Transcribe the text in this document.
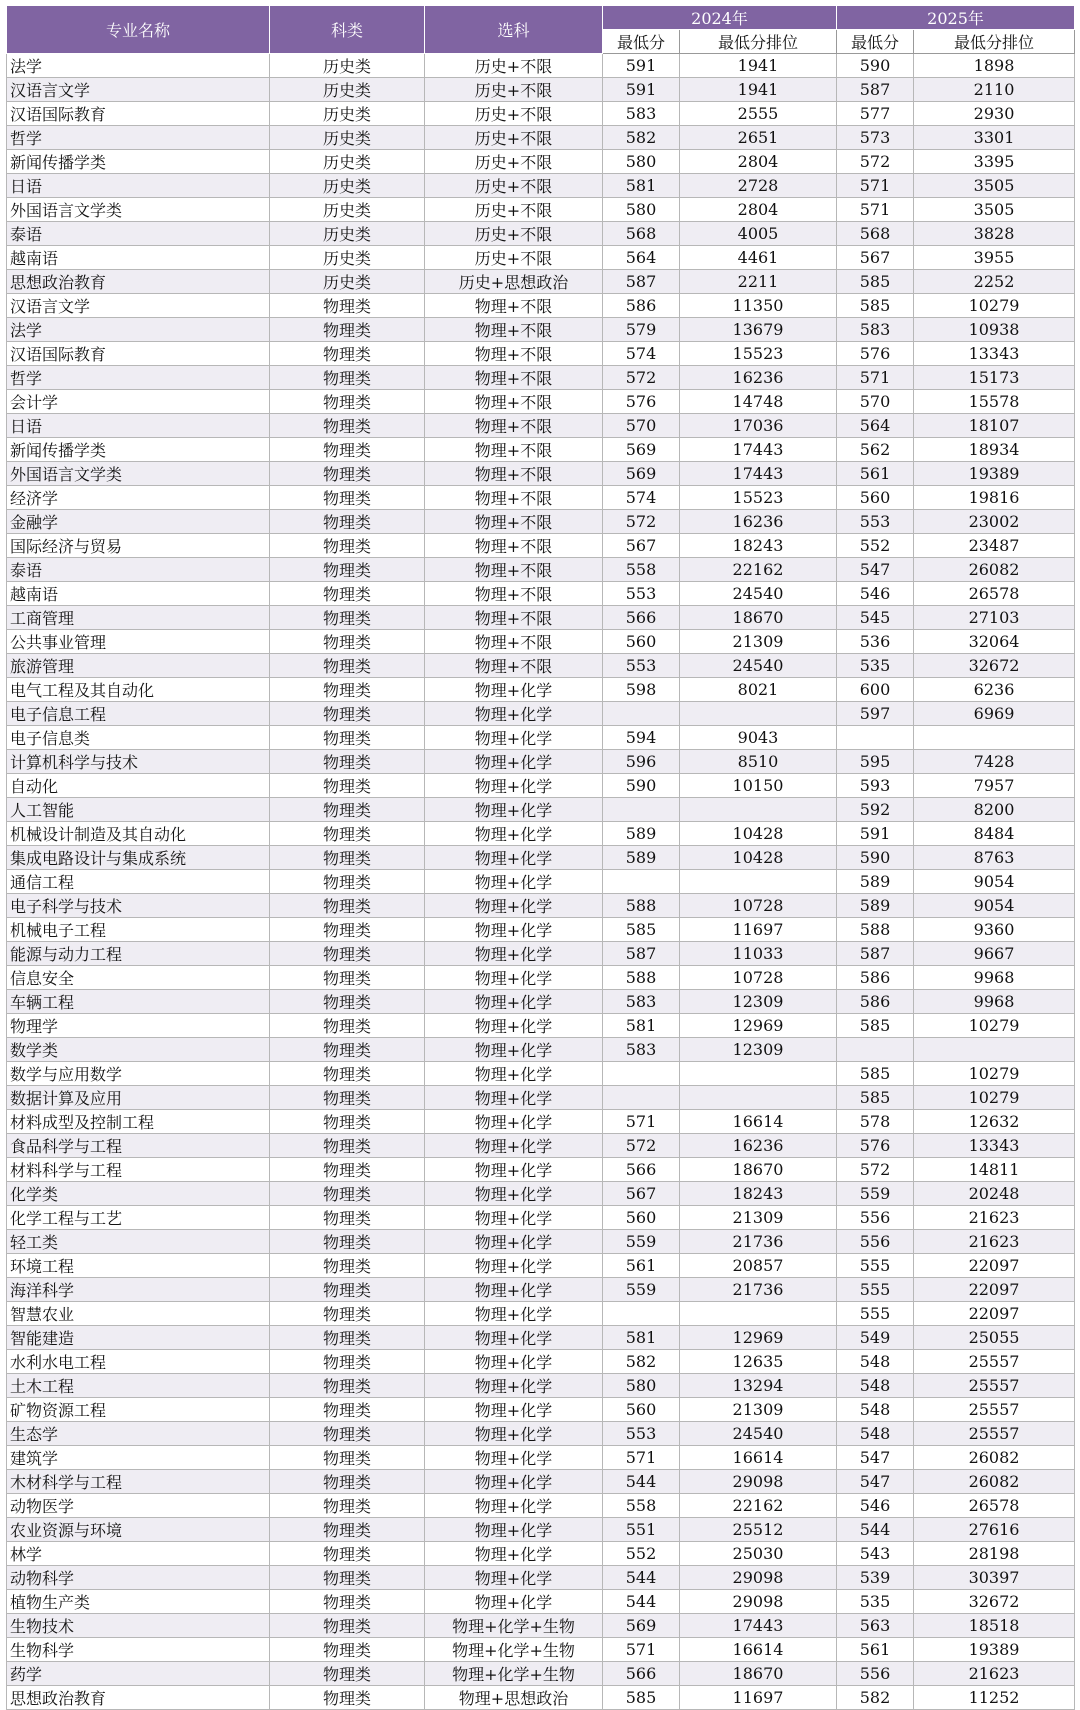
专业名称	科类	选科	2024年		2025年	
			最低分	最低分排位	最低分	最低分排位
法学	历史类	历史+不限	591	1941	590	1898
汉语言文学	历史类	历史+不限	591	1941	587	2110
汉语国际教育	历史类	历史+不限	583	2555	577	2930
哲学	历史类	历史+不限	582	2651	573	3301
新闻传播学类	历史类	历史+不限	580	2804	572	3395
日语	历史类	历史+不限	581	2728	571	3505
外国语言文学类	历史类	历史+不限	580	2804	571	3505
泰语	历史类	历史+不限	568	4005	568	3828
越南语	历史类	历史+不限	564	4461	567	3955
思想政治教育	历史类	历史+思想政治	587	2211	585	2252
汉语言文学	物理类	物理+不限	586	11350	585	10279
法学	物理类	物理+不限	579	13679	583	10938
汉语国际教育	物理类	物理+不限	574	15523	576	13343
哲学	物理类	物理+不限	572	16236	571	15173
会计学	物理类	物理+不限	576	14748	570	15578
日语	物理类	物理+不限	570	17036	564	18107
新闻传播学类	物理类	物理+不限	569	17443	562	18934
外国语言文学类	物理类	物理+不限	569	17443	561	19389
经济学	物理类	物理+不限	574	15523	560	19816
金融学	物理类	物理+不限	572	16236	553	23002
国际经济与贸易	物理类	物理+不限	567	18243	552	23487
泰语	物理类	物理+不限	558	22162	547	26082
越南语	物理类	物理+不限	553	24540	546	26578
工商管理	物理类	物理+不限	566	18670	545	27103
公共事业管理	物理类	物理+不限	560	21309	536	32064
旅游管理	物理类	物理+不限	553	24540	535	32672
电气工程及其自动化	物理类	物理+化学	598	8021	600	6236
电子信息工程	物理类	物理+化学			597	6969
电子信息类	物理类	物理+化学	594	9043		
计算机科学与技术	物理类	物理+化学	596	8510	595	7428
自动化	物理类	物理+化学	590	10150	593	7957
人工智能	物理类	物理+化学			592	8200
机械设计制造及其自动化	物理类	物理+化学	589	10428	591	8484
集成电路设计与集成系统	物理类	物理+化学	589	10428	590	8763
通信工程	物理类	物理+化学			589	9054
电子科学与技术	物理类	物理+化学	588	10728	589	9054
机械电子工程	物理类	物理+化学	585	11697	588	9360
能源与动力工程	物理类	物理+化学	587	11033	587	9667
信息安全	物理类	物理+化学	588	10728	586	9968
车辆工程	物理类	物理+化学	583	12309	586	9968
物理学	物理类	物理+化学	581	12969	585	10279
数学类	物理类	物理+化学	583	12309		
数学与应用数学	物理类	物理+化学			585	10279
数据计算及应用	物理类	物理+化学			585	10279
材料成型及控制工程	物理类	物理+化学	571	16614	578	12632
食品科学与工程	物理类	物理+化学	572	16236	576	13343
材料科学与工程	物理类	物理+化学	566	18670	572	14811
化学类	物理类	物理+化学	567	18243	559	20248
化学工程与工艺	物理类	物理+化学	560	21309	556	21623
轻工类	物理类	物理+化学	559	21736	556	21623
环境工程	物理类	物理+化学	561	20857	555	22097
海洋科学	物理类	物理+化学	559	21736	555	22097
智慧农业	物理类	物理+化学			555	22097
智能建造	物理类	物理+化学	581	12969	549	25055
水利水电工程	物理类	物理+化学	582	12635	548	25557
土木工程	物理类	物理+化学	580	13294	548	25557
矿物资源工程	物理类	物理+化学	560	21309	548	25557
生态学	物理类	物理+化学	553	24540	548	25557
建筑学	物理类	物理+化学	571	16614	547	26082
木材科学与工程	物理类	物理+化学	544	29098	547	26082
动物医学	物理类	物理+化学	558	22162	546	26578
农业资源与环境	物理类	物理+化学	551	25512	544	27616
林学	物理类	物理+化学	552	25030	543	28198
动物科学	物理类	物理+化学	544	29098	539	30397
植物生产类	物理类	物理+化学	544	29098	535	32672
生物技术	物理类	物理+化学+生物	569	17443	563	18518
生物科学	物理类	物理+化学+生物	571	16614	561	19389
药学	物理类	物理+化学+生物	566	18670	556	21623
思想政治教育	物理类	物理+思想政治	585	11697	582	11252
